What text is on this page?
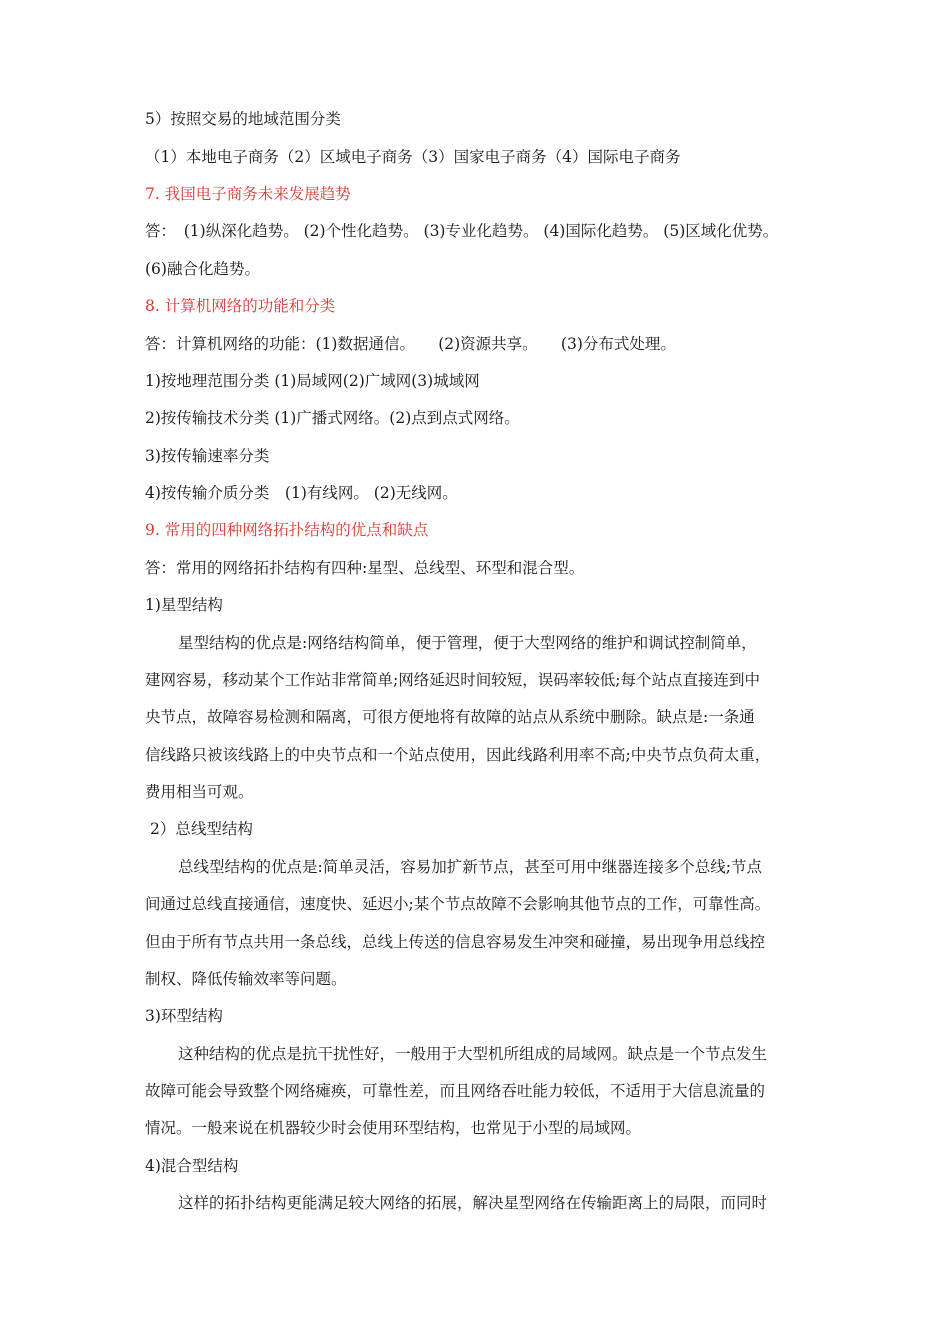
5）按照交易的地域范围分类
（1）本地电子商务（2）区域电子商务（3）国家电子商务（4）国际电子商务
7. 我国电子商务未来发展趋势
答：　(1)纵深化趋势。 (2)个性化趋势。 (3)专业化趋势。 (4)国际化趋势。 (5)区域化优势。
(6)融合化趋势。
8. 计算机网络的功能和分类
答：计算机网络的功能：(1)数据通信。　　(2)资源共享。　　(3)分布式处理。
1)按地理范围分类 (1)局域网(2)广域网(3)城域网
2)按传输技术分类 (1)广播式网络。(2)点到点式网络。
3)按传输速率分类
4)按传输介质分类　(1)有线网。 (2)无线网。
9. 常用的四种网络拓扑结构的优点和缺点
答：常用的网络拓扑结构有四种:星型、总线型、环型和混合型。
1)星型结构
星型结构的优点是:网络结构简单，便于管理，便于大型网络的维护和调试控制简单，
建网容易，移动某个工作站非常简单;网络延迟时间较短，误码率较低;每个站点直接连到中
央节点，故障容易检测和隔离，可很方便地将有故障的站点从系统中删除。缺点是:一条通
信线路只被该线路上的中央节点和一个站点使用，因此线路利用率不高;中央节点负荷太重，
费用相当可观。
2）总线型结构
总线型结构的优点是:简单灵活，容易加扩新节点，甚至可用中继器连接多个总线;节点
间通过总线直接通信，速度快、延迟小;某个节点故障不会影响其他节点的工作，可靠性高。
但由于所有节点共用一条总线，总线上传送的信息容易发生冲突和碰撞，易出现争用总线控
制权、降低传输效率等问题。
3)环型结构
这种结构的优点是抗干扰性好，一般用于大型机所组成的局域网。缺点是一个节点发生
故障可能会导致整个网络瘫痪，可靠性差，而且网络吞吐能力较低，不适用于大信息流量的
情况。一般来说在机器较少时会使用环型结构，也常见于小型的局域网。
4)混合型结构
这样的拓扑结构更能满足较大网络的拓展，解决星型网络在传输距离上的局限，而同时
